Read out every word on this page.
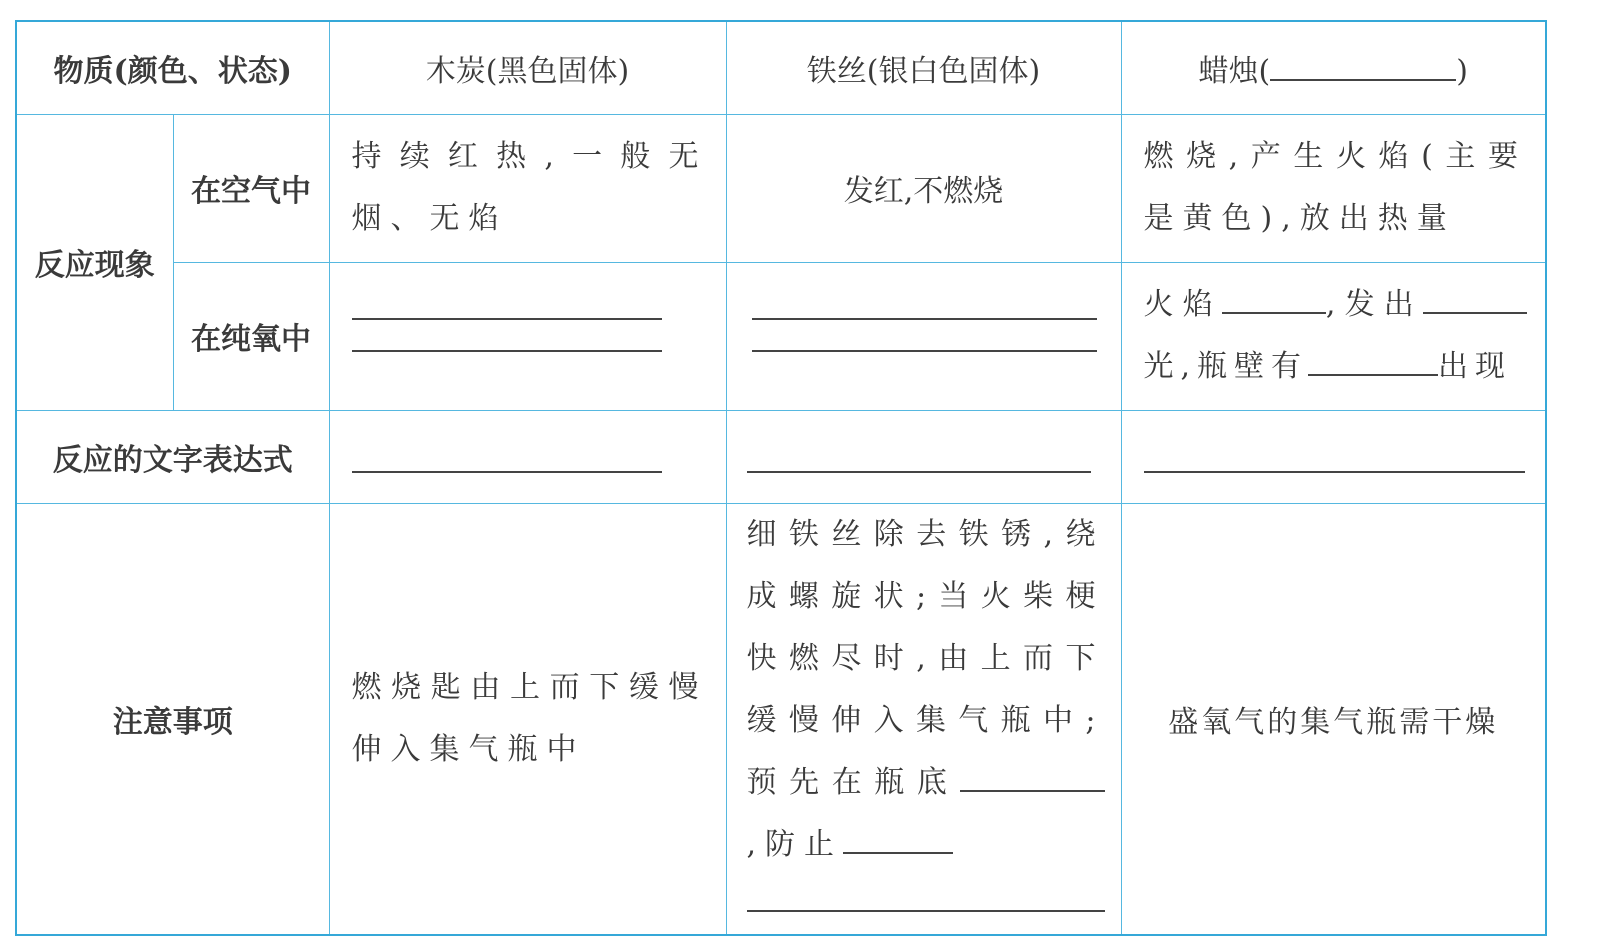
物质(颜色、状态)		木炭(黑色固体)	铁丝(银白色固体)	蜡烛( )
反应现象	在空气中	持续红热,一般无烟、无焰	发红,不燃烧	燃烧,产生火焰(主要是黄色),放出热量

	在纯氧中			火焰 ,发出光,瓶壁有 出现

反应的文字表达式		

注意事项		燃烧匙由上而下缓慢伸入集气瓶中	细铁丝除去铁锈,绕成螺旋状;当火柴梗快燃尽时,由上而下缓慢伸入集气瓶中;预先在瓶底,防止	盛氧气的集气瓶需干燥
